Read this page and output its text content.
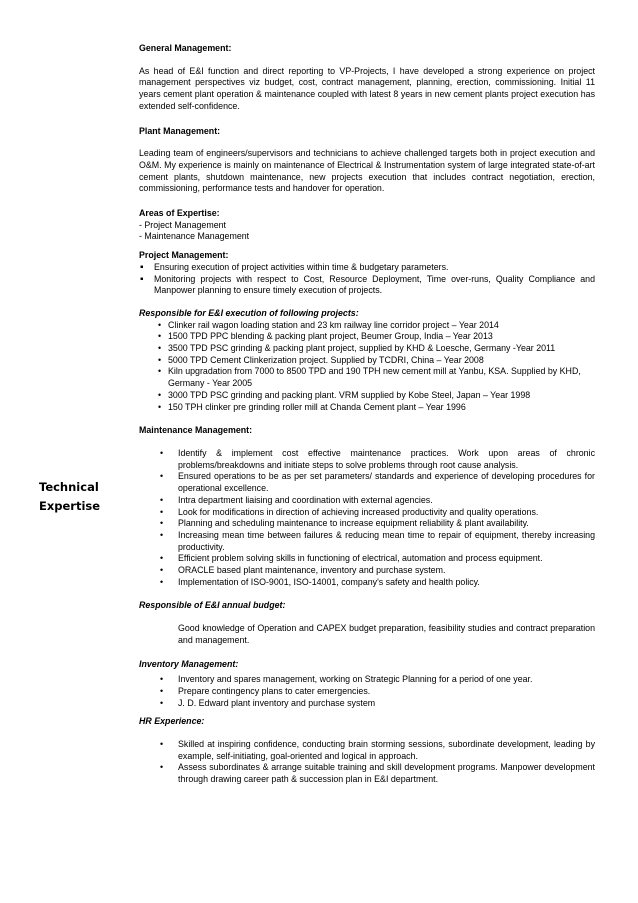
Technical
Expertise

General Management:

As head of E&I function and direct reporting to VP-Projects, I have developed a strong experience on project management perspectives viz budget, cost, contract management, planning, erection, commissioning. Initial 11 years cement plant operation & maintenance coupled with latest 8 years in new cement plants project execution has extended self-confidence.

Plant Management:

Leading team of engineers/supervisors and technicians to achieve challenged targets both in project execution and O&M. My experience is mainly on maintenance of Electrical & Instrumentation system of large integrated state-of-art cement plants, shutdown maintenance, new projects execution that includes contract negotiation, erection, commissioning, performance tests and handover for operation.

Areas of Expertise:

- Project Management

- Maintenance Management

Project Management:

▪ Ensuring execution of project activities within time & budgetary parameters.
▪ Monitoring projects with respect to Cost, Resource Deployment, Time over-runs, Quality Compliance and Manpower planning to ensure timely execution of projects.

Responsible for E&I execution of following projects:

• Clinker rail wagon loading station and 23 km railway line corridor project – Year 2014
• 1500 TPD PPC blending & packing plant project, Beumer Group, India – Year 2013
• 3500 TPD PSC grinding & packing plant project, supplied by KHD & Loesche, Germany -Year 2011
• 5000 TPD Cement Clinkerization project. Supplied by TCDRI, China – Year 2008
• Kiln upgradation from 7000 to 8500 TPD and 190 TPH new cement mill at Yanbu, KSA. Supplied by KHD, Germany - Year 2005
• 3000 TPD PSC grinding and packing plant. VRM supplied by Kobe Steel, Japan – Year 1998
• 150 TPH clinker pre grinding roller mill at Chanda Cement plant – Year 1996

Maintenance Management:

• Identify & implement cost effective maintenance practices. Work upon areas of chronic problems/breakdowns and initiate steps to solve problems through root cause analysis.
• Ensured operations to be as per set parameters/ standards and experience of developing procedures for operational excellence.
• Intra department liaising and coordination with external agencies.
• Look for modifications in direction of achieving increased productivity and quality operations.
• Planning and scheduling maintenance to increase equipment reliability & plant availability.
• Increasing mean time between failures & reducing mean time to repair of equipment, thereby increasing productivity.
• Efficient problem solving skills in functioning of electrical, automation and process equipment.
• ORACLE based plant maintenance, inventory and purchase system.
• Implementation of ISO-9001, ISO-14001, company's safety and health policy.

Responsible of E&I annual budget:

Good knowledge of Operation and CAPEX budget preparation, feasibility studies and contract preparation and management.

Inventory Management:

• Inventory and spares management, working on Strategic Planning for a period of one year.
• Prepare contingency plans to cater emergencies.
• J. D. Edward plant inventory and purchase system

HR Experience:

• Skilled at inspiring confidence, conducting brain storming sessions, subordinate development, leading by example, self-initiating, goal-oriented and logical in approach.
• Assess subordinates & arrange suitable training and skill development programs. Manpower development through drawing career path & succession plan in E&I department.
